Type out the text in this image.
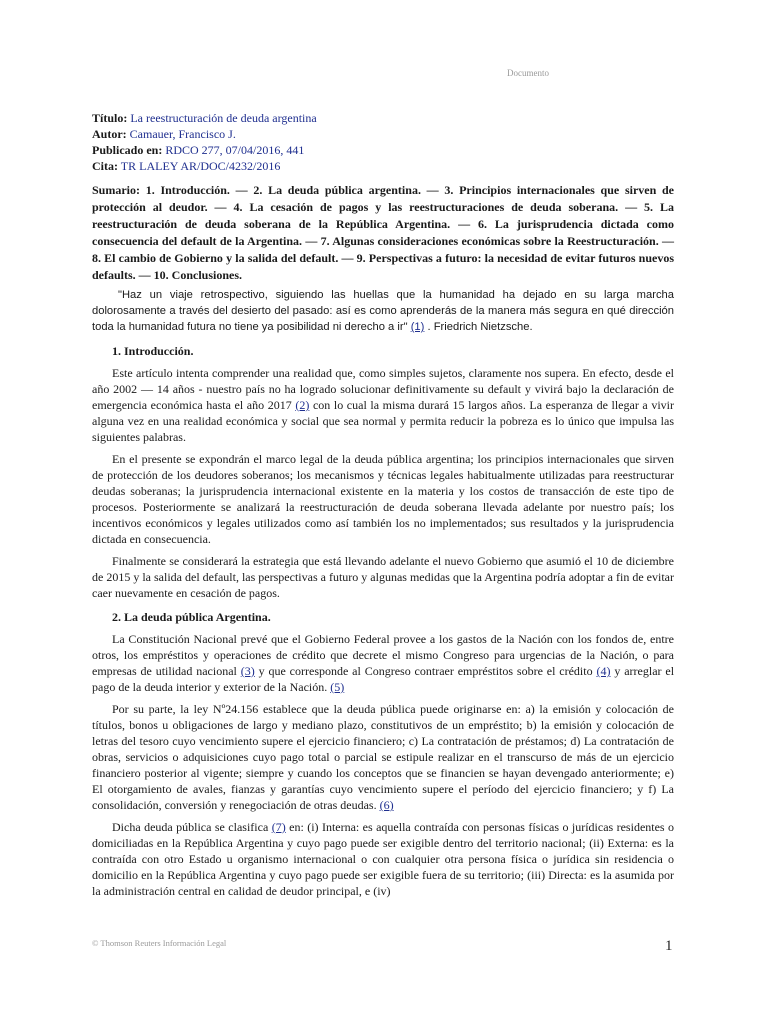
Documento

Título: La reestructuración de deuda argentina

Autor: Camauer, Francisco J.

Publicado en: RDCO 277, 07/04/2016, 441

Cita: TR LALEY AR/DOC/4232/2016

Sumario: 1. Introducción. — 2. La deuda pública argentina. — 3. Principios internacionales que sirven de protección al deudor. — 4. La cesación de pagos y las reestructuraciones de deuda soberana. — 5. La reestructuración de deuda soberana de la República Argentina. — 6. La jurisprudencia dictada como consecuencia del default de la Argentina. — 7. Algunas consideraciones económicas sobre la Reestructuración. — 8. El cambio de Gobierno y la salida del default. — 9. Perspectivas a futuro: la necesidad de evitar futuros nuevos defaults. — 10. Conclusiones.

"Haz un viaje retrospectivo, siguiendo las huellas que la humanidad ha dejado en su larga marcha dolorosamente a través del desierto del pasado: así es como aprenderás de la manera más segura en qué dirección toda la humanidad futura no tiene ya posibilidad ni derecho a ir" (1) . Friedrich Nietzsche.

1. Introducción.

Este artículo intenta comprender una realidad que, como simples sujetos, claramente nos supera. En efecto, desde el año 2002 — 14 años - nuestro país no ha logrado solucionar definitivamente su default y vivirá bajo la declaración de emergencia económica hasta el año 2017 (2) con lo cual la misma durará 15 largos años. La esperanza de llegar a vivir alguna vez en una realidad económica y social que sea normal y permita reducir la pobreza es lo único que impulsa las siguientes palabras.

En el presente se expondrán el marco legal de la deuda pública argentina; los principios internacionales que sirven de protección de los deudores soberanos; los mecanismos y técnicas legales habitualmente utilizadas para reestructurar deudas soberanas; la jurisprudencia internacional existente en la materia y los costos de transacción de este tipo de procesos. Posteriormente se analizará la reestructuración de deuda soberana llevada adelante por nuestro país; los incentivos económicos y legales utilizados como así también los no implementados; sus resultados y la jurisprudencia dictada en consecuencia.

Finalmente se considerará la estrategia que está llevando adelante el nuevo Gobierno que asumió el 10 de diciembre de 2015 y la salida del default, las perspectivas a futuro y algunas medidas que la Argentina podría adoptar a fin de evitar caer nuevamente en cesación de pagos.

2. La deuda pública Argentina.

La Constitución Nacional prevé que el Gobierno Federal provee a los gastos de la Nación con los fondos de, entre otros, los empréstitos y operaciones de crédito que decrete el mismo Congreso para urgencias de la Nación, o para empresas de utilidad nacional (3) y que corresponde al Congreso contraer empréstitos sobre el crédito (4) y arreglar el pago de la deuda interior y exterior de la Nación. (5)

Por su parte, la ley Nº24.156 establece que la deuda pública puede originarse en: a) la emisión y colocación de títulos, bonos u obligaciones de largo y mediano plazo, constitutivos de un empréstito; b) la emisión y colocación de letras del tesoro cuyo vencimiento supere el ejercicio financiero; c) La contratación de préstamos; d) La contratación de obras, servicios o adquisiciones cuyo pago total o parcial se estipule realizar en el transcurso de más de un ejercicio financiero posterior al vigente; siempre y cuando los conceptos que se financien se hayan devengado anteriormente; e) El otorgamiento de avales, fianzas y garantías cuyo vencimiento supere el período del ejercicio financiero; y f) La consolidación, conversión y renegociación de otras deudas. (6)

Dicha deuda pública se clasifica (7) en: (i) Interna: es aquella contraída con personas físicas o jurídicas residentes o domiciliadas en la República Argentina y cuyo pago puede ser exigible dentro del territorio nacional; (ii) Externa: es la contraída con otro Estado u organismo internacional o con cualquier otra persona física o jurídica sin residencia o domicilio en la República Argentina y cuyo pago puede ser exigible fuera de su territorio; (iii) Directa: es la asumida por la administración central en calidad de deudor principal, e (iv)

© Thomson Reuters Información Legal	1
